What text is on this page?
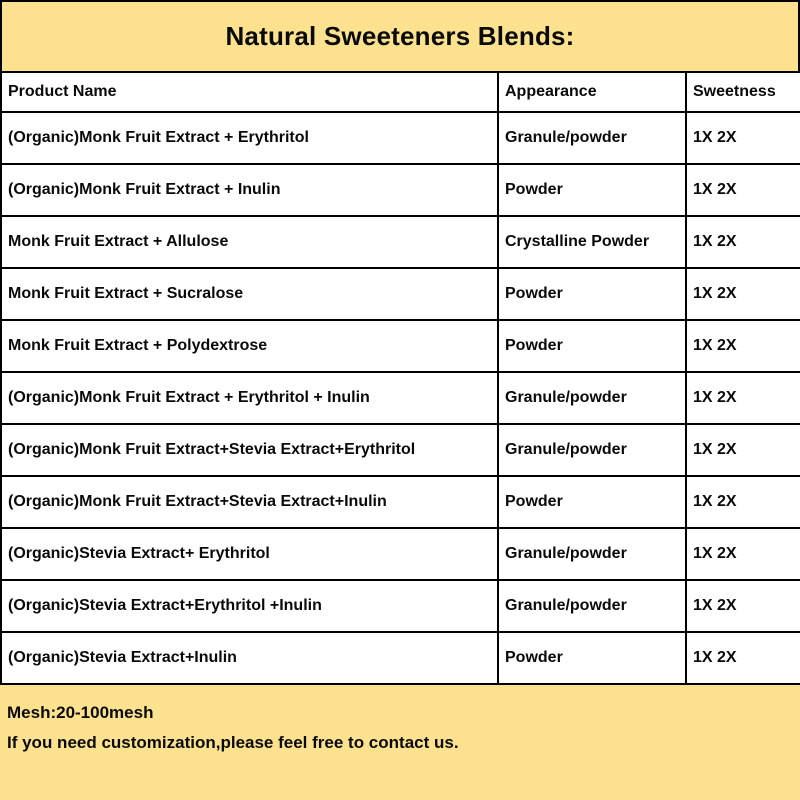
Natural Sweeteners Blends:
Product Name	Appearance	Sweetness
(Organic)Monk Fruit Extract + Erythritol	Granule/powder	1X 2X
(Organic)Monk Fruit Extract + Inulin	Powder	1X 2X
Monk Fruit Extract + Allulose	Crystalline Powder	1X 2X
Monk Fruit Extract + Sucralose	Powder	1X 2X
Monk Fruit Extract + Polydextrose	Powder	1X 2X
(Organic)Monk Fruit Extract + Erythritol + Inulin	Granule/powder	1X 2X
(Organic)Monk Fruit Extract+Stevia Extract+Erythritol	Granule/powder	1X 2X
(Organic)Monk Fruit Extract+Stevia Extract+Inulin	Powder	1X 2X
(Organic)Stevia Extract+ Erythritol	Granule/powder	1X 2X
(Organic)Stevia Extract+Erythritol +Inulin	Granule/powder	1X 2X
(Organic)Stevia Extract+Inulin	Powder	1X 2X
Mesh:20-100mesh
If you need customization,please feel free to contact us.
